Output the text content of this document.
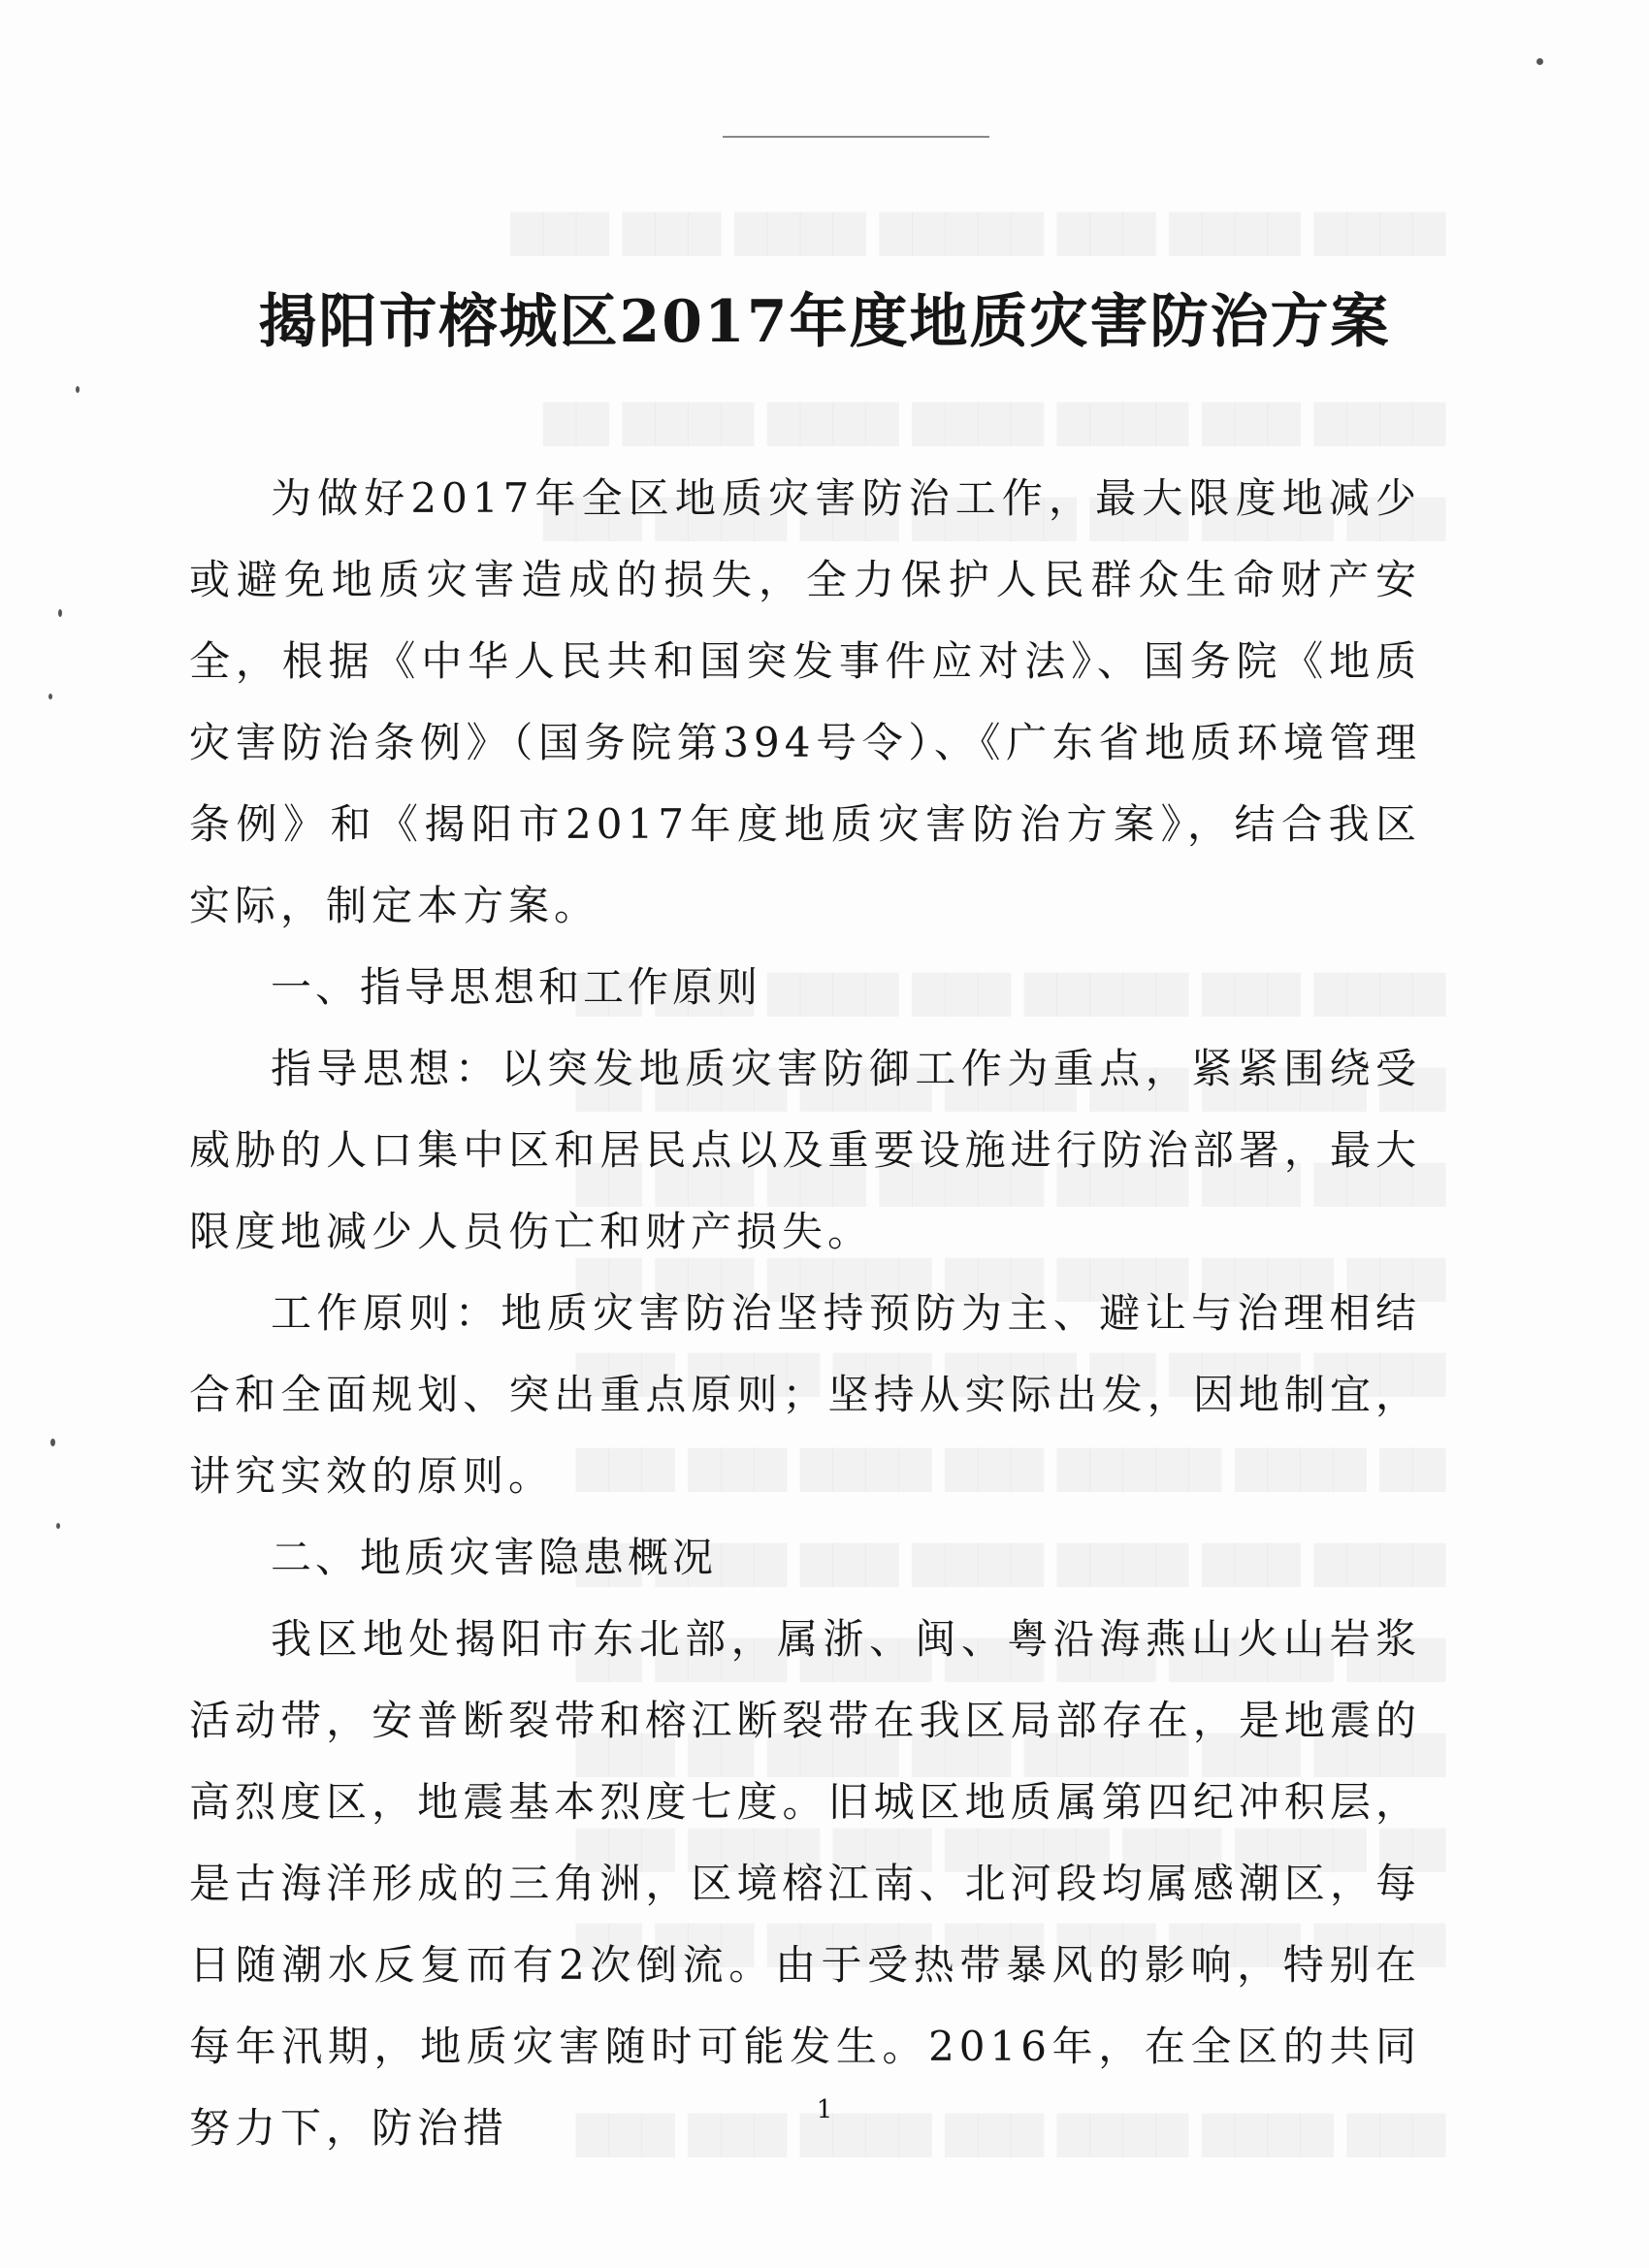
揭阳市榕城区2017年度地质灾害防治方案

为做好2017年全区地质灾害防治工作，最大限度地减少或避免地质灾害造成的损失，全力保护人民群众生命财产安全，根据《中华人民共和国突发事件应对法》、国务院《地质灾害防治条例》（国务院第394号令）、《广东省地质环境管理条例》和《揭阳市2017年度地质灾害防治方案》，结合我区实际，制定本方案。

一、指导思想和工作原则

指导思想：以突发地质灾害防御工作为重点，紧紧围绕受威胁的人口集中区和居民点以及重要设施进行防治部署，最大限度地减少人员伤亡和财产损失。

工作原则：地质灾害防治坚持预防为主、避让与治理相结合和全面规划、突出重点原则；坚持从实际出发，因地制宜，讲究实效的原则。

二、地质灾害隐患概况

我区地处揭阳市东北部，属浙、闽、粤沿海燕山火山岩浆活动带，安普断裂带和榕江断裂带在我区局部存在，是地震的高烈度区，地震基本烈度七度。旧城区地质属第四纪冲积层，是古海洋形成的三角洲，区境榕江南、北河段均属感潮区，每日随潮水反复而有2次倒流。由于受热带暴风的影响，特别在每年汛期，地质灾害随时可能发生。2016年，在全区的共同努力下，防治措	1
